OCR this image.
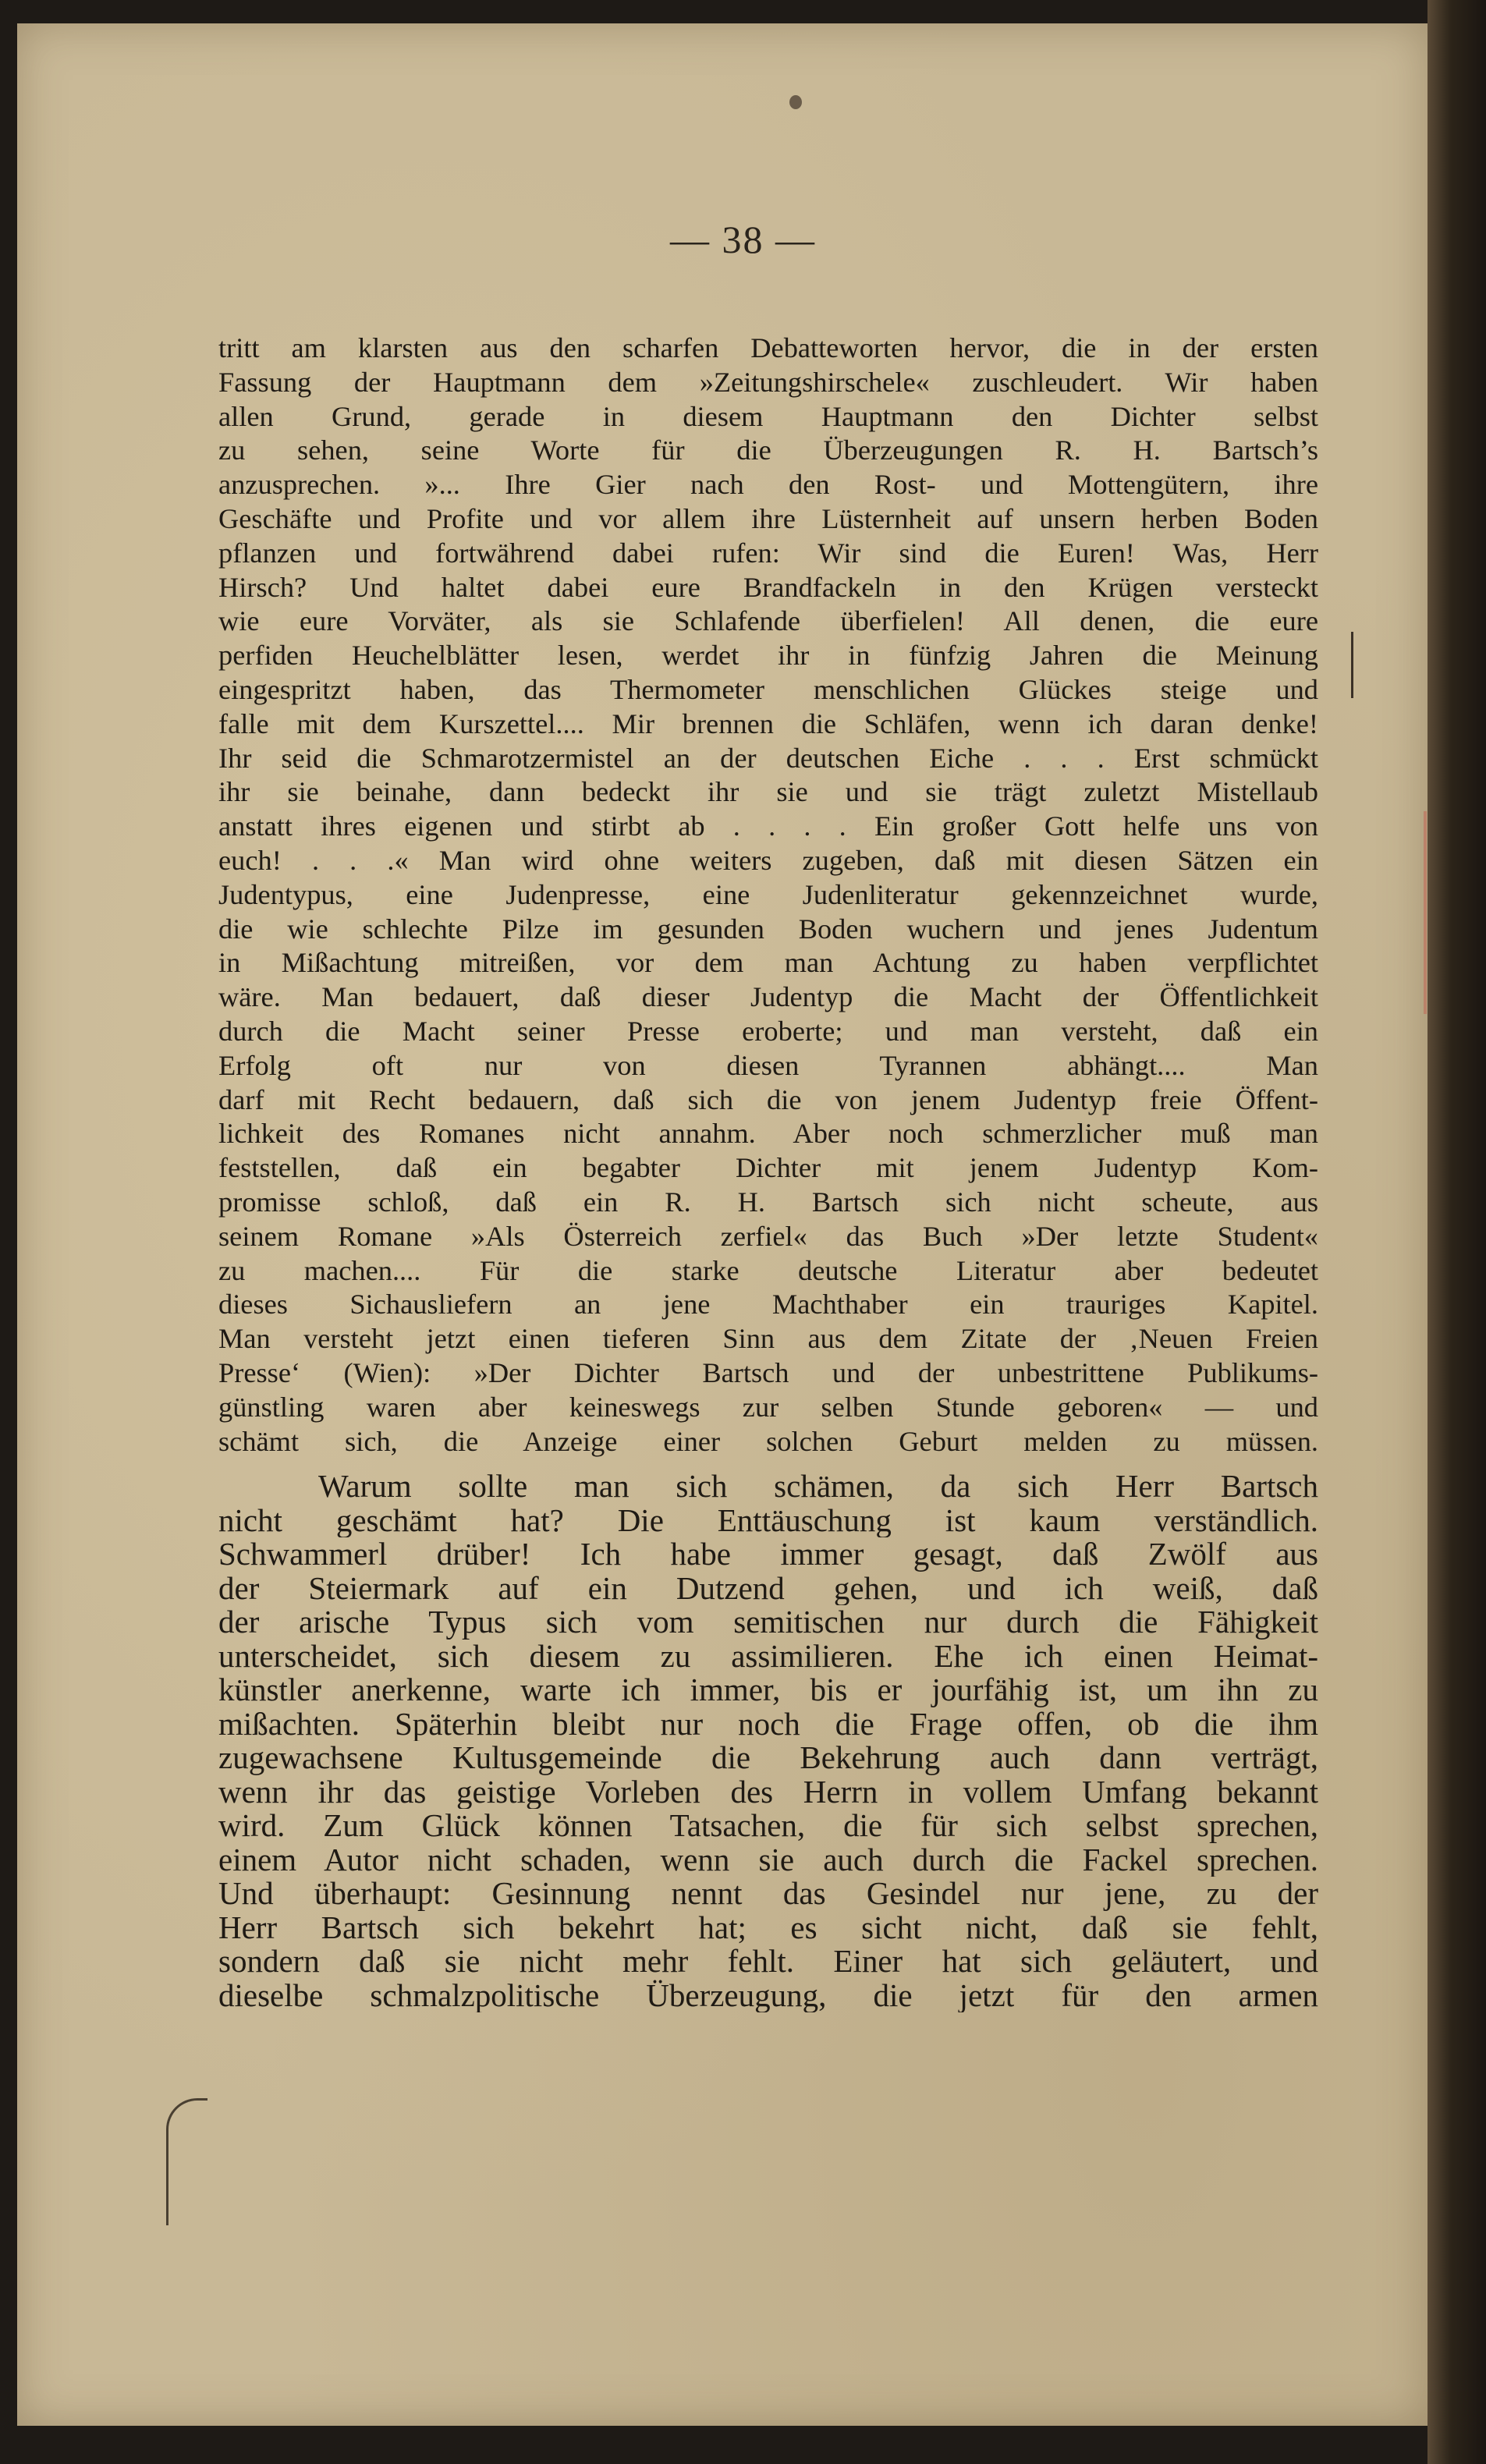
— 38 —
tritt am klarsten aus den scharfen Debatteworten hervor, die in der ersten
Fassung der Hauptmann dem »Zeitungshirschele« zuschleudert. Wir haben
allen Grund, gerade in diesem Hauptmann den Dichter selbst
zu sehen, seine Worte für die Überzeugungen R. H. Bartsch’s
anzusprechen. »... Ihre Gier nach den Rost- und Mottengütern, ihre
Geschäfte und Profite und vor allem ihre Lüsternheit auf unsern herben Boden
pflanzen und fortwährend dabei rufen: Wir sind die Euren! Was, Herr
Hirsch? Und haltet dabei eure Brandfackeln in den Krügen versteckt
wie eure Vorväter, als sie Schlafende überfielen! All denen, die eure
perfiden Heuchelblätter lesen, werdet ihr in fünfzig Jahren die Meinung
eingespritzt haben, das Thermometer menschlichen Glückes steige und
falle mit dem Kurszettel.... Mir brennen die Schläfen, wenn ich daran denke!
Ihr seid die Schmarotzermistel an der deutschen Eiche . . . Erst schmückt
ihr sie beinahe, dann bedeckt ihr sie und sie trägt zuletzt Mistellaub
anstatt ihres eigenen und stirbt ab . . . . Ein großer Gott helfe uns von
euch! . . .« Man wird ohne weiters zugeben, daß mit diesen Sätzen ein
Judentypus, eine Judenpresse, eine Judenliteratur gekennzeichnet wurde,
die wie schlechte Pilze im gesunden Boden wuchern und jenes Judentum
in Mißachtung mitreißen, vor dem man Achtung zu haben verpflichtet
wäre. Man bedauert, daß dieser Judentyp die Macht der Öffentlichkeit
durch die Macht seiner Presse eroberte; und man versteht, daß ein
Erfolg oft nur von diesen Tyrannen abhängt.... Man
darf mit Recht bedauern, daß sich die von jenem Judentyp freie Öffent-
lichkeit des Romanes nicht annahm. Aber noch schmerzlicher muß man
feststellen, daß ein begabter Dichter mit jenem Judentyp Kom-
promisse schloß, daß ein R. H. Bartsch sich nicht scheute, aus
seinem Romane »Als Österreich zerfiel« das Buch »Der letzte Student«
zu machen.... Für die starke deutsche Literatur aber bedeutet
dieses Sichausliefern an jene Machthaber ein trauriges Kapitel.
Man versteht jetzt einen tieferen Sinn aus dem Zitate der ‚Neuen Freien
Presse‘ (Wien): »Der Dichter Bartsch und der unbestrittene Publikums-
günstling waren aber keineswegs zur selben Stunde geboren« — und
schämt sich, die Anzeige einer solchen Geburt melden zu müssen.
Warum sollte man sich schämen, da sich Herr Bartsch
nicht geschämt hat? Die Enttäuschung ist kaum verständlich.
Schwammerl drüber! Ich habe immer gesagt, daß Zwölf aus
der Steiermark auf ein Dutzend gehen, und ich weiß, daß
der arische Typus sich vom semitischen nur durch die Fähigkeit
unterscheidet, sich diesem zu assimilieren. Ehe ich einen Heimat-
künstler anerkenne, warte ich immer, bis er jourfähig ist, um ihn zu
mißachten. Späterhin bleibt nur noch die Frage offen, ob die ihm
zugewachsene Kultusgemeinde die Bekehrung auch dann verträgt,
wenn ihr das geistige Vorleben des Herrn in vollem Umfang bekannt
wird. Zum Glück können Tatsachen, die für sich selbst sprechen,
einem Autor nicht schaden, wenn sie auch durch die Fackel sprechen.
Und überhaupt: Gesinnung nennt das Gesindel nur jene, zu der
Herr Bartsch sich bekehrt hat; es sicht nicht, daß sie fehlt,
sondern daß sie nicht mehr fehlt. Einer hat sich geläutert, und
dieselbe schmalzpolitische Überzeugung, die jetzt für den armen
